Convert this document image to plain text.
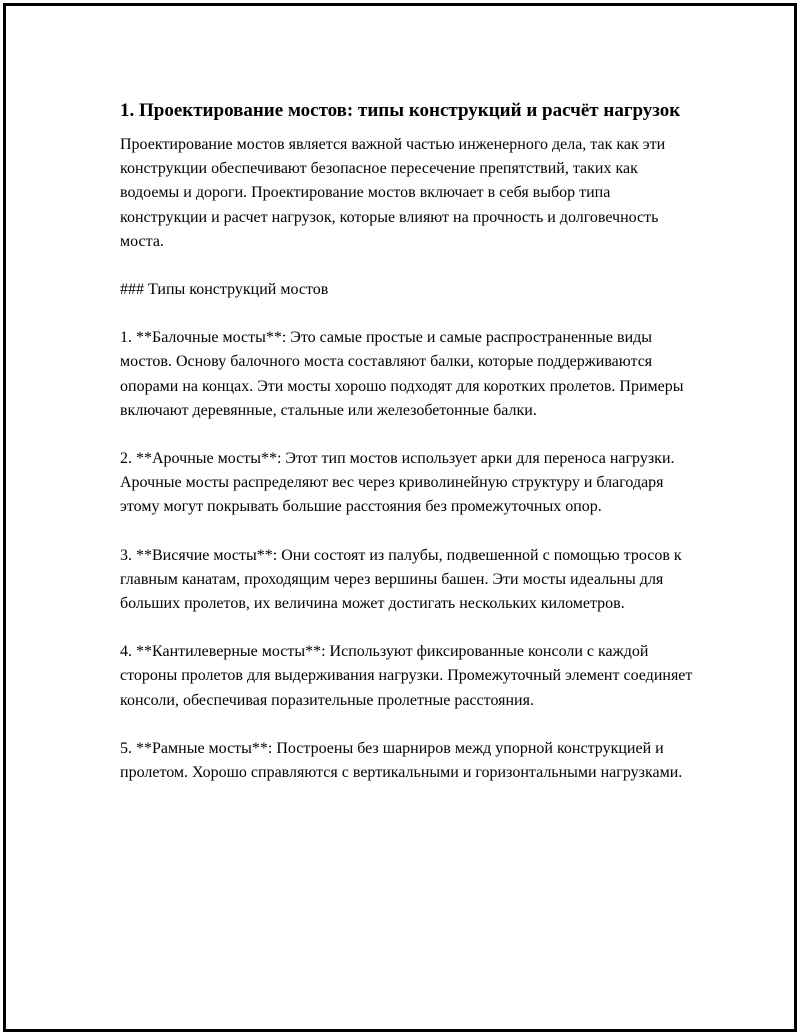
1. Проектирование мостов: типы конструкций и расчёт нагрузок

Проектирование мостов является важной частью инженерного дела, так как эти конструкции обеспечивают безопасное пересечение препятствий, таких как водоемы и дороги. Проектирование мостов включает в себя выбор типа конструкции и расчет нагрузок, которые влияют на прочность и долговечность моста.

### Типы конструкций мостов

1. **Балочные мосты**: Это самые простые и самые распространенные виды мостов. Основу балочного моста составляют балки, которые поддерживаются опорами на концах. Эти мосты хорошо подходят для коротких пролетов. Примеры включают деревянные, стальные или железобетонные балки.

2. **Арочные мосты**: Этот тип мостов использует арки для переноса нагрузки. Арочные мосты распределяют вес через криволинейную структуру и благодаря этому могут покрывать большие расстояния без промежуточных опор.

3. **Висячие мосты**: Они состоят из палубы, подвешенной с помощью тросов к главным канатам, проходящим через вершины башен. Эти мосты идеальны для больших пролетов, их величина может достигать нескольких километров.

4. **Кантилеверные мосты**: Используют фиксированные консоли с каждой стороны пролетов для выдерживания нагрузки. Промежуточный элемент соединяет консоли, обеспечивая поразительные пролетные расстояния.

5. **Рамные мосты**: Построены без шарниров межд упорной конструкцией и пролетом. Хорошо справляются с вертикальными и горизонтальными нагрузками.
